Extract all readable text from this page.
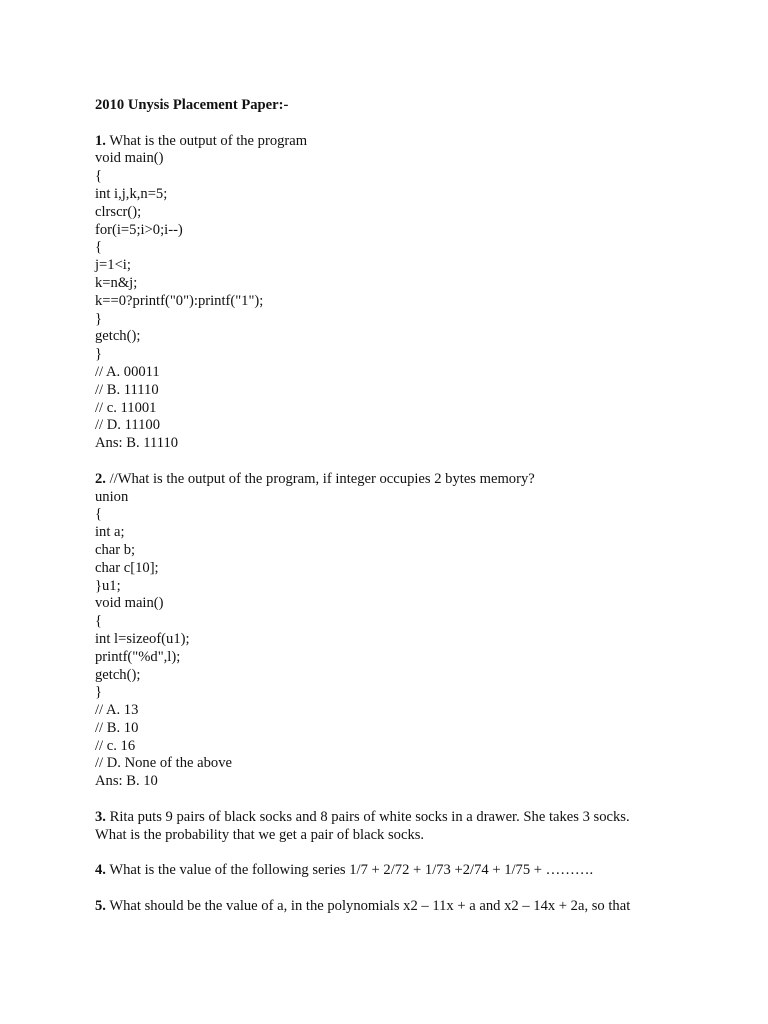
2010 Unysis Placement Paper:-
1. What is the output of the program
void main()
{
int i,j,k,n=5;
clrscr();
for(i=5;i>0;i--)
{
j=1<i;
k=n&j;
k==0?printf("0"):printf("1");
}
getch();
}
// A. 00011
// B. 11110
// c. 11001
// D. 11100
Ans: B. 11110
2. //What is the output of the program, if integer occupies 2 bytes memory?
union
{
int a;
char b;
char c[10];
}u1;
void main()
{
int l=sizeof(u1);
printf("%d",l);
getch();
}
// A. 13
// B. 10
// c. 16
// D. None of the above
Ans: B. 10
3. Rita puts 9 pairs of black socks and 8 pairs of white socks in a drawer. She takes 3 socks.
What is the probability that we get a pair of black socks.
4. What is the value of the following series 1/7 + 2/72 + 1/73 +2/74 + 1/75 + ……….
5. What should be the value of a, in the polynomials x2 – 11x + a and x2 – 14x + 2a, so that
